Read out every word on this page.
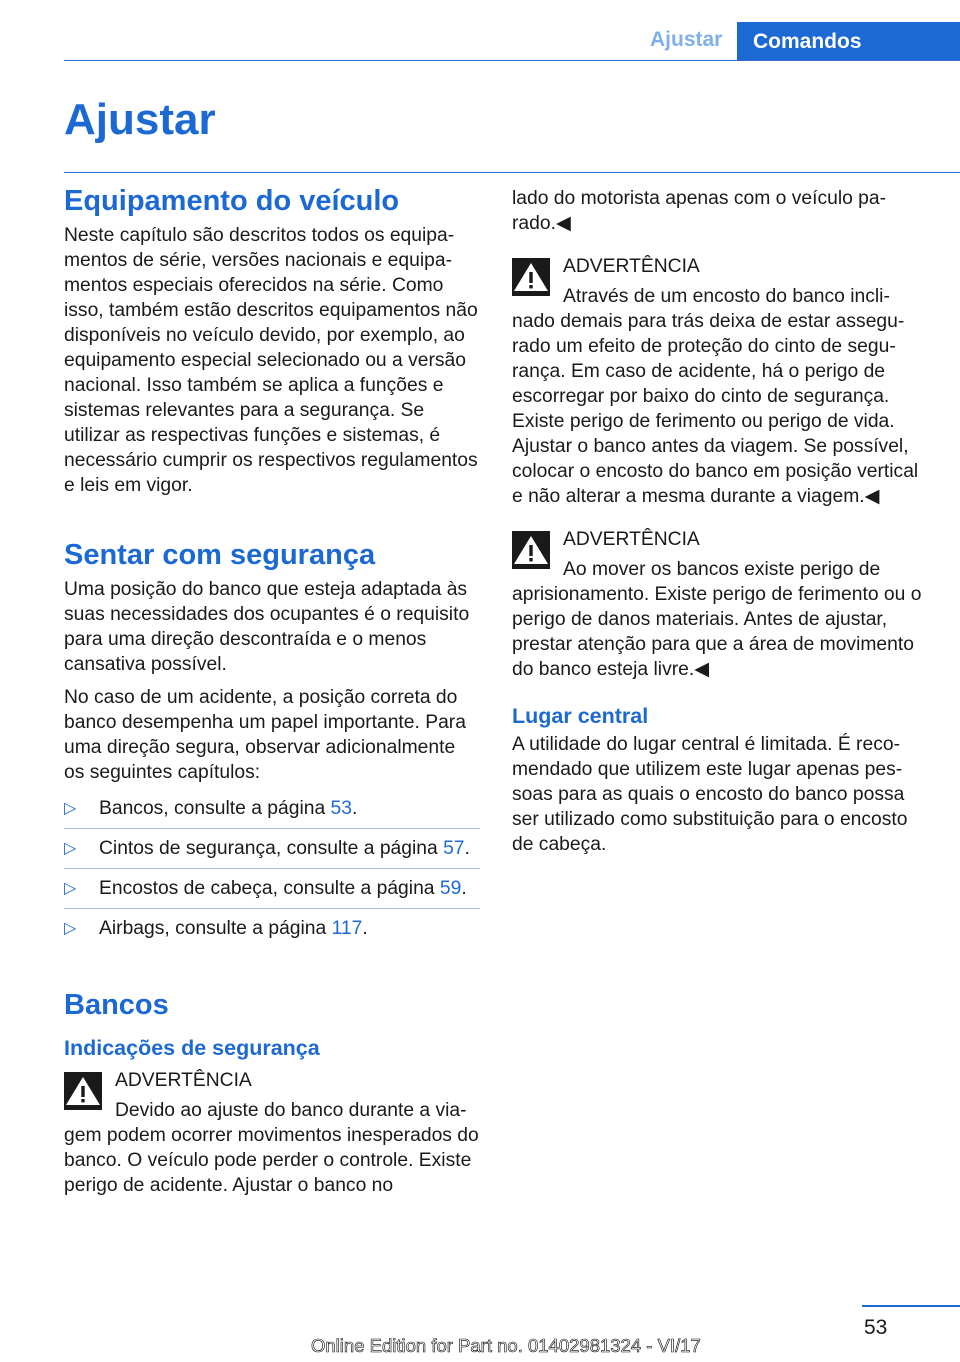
Ajustar	Comandos
Ajustar
Equipamento do veículo

Neste capítulo são descritos todos os equipamentos de série, versões nacionais e equipamentos especiais oferecidos na série. Como isso, também estão descritos equipamentos não disponíveis no veículo devido, por exemplo, ao equipamento especial selecionado ou a versão nacional. Isso também se aplica a funções e sistemas relevantes para a segurança. Se utilizar as respectivas funções e sistemas, é necessário cumprir os respectivos regulamentos e leis em vigor.

Sentar com segurança

Uma posição do banco que esteja adaptada às suas necessidades dos ocupantes é o requisito para uma direção descontraída e o menos cansativa possível.

No caso de um acidente, a posição correta do banco desempenha um papel importante. Para uma direção segura, observar adicionalmente os seguintes capítulos:

▷ Bancos, consulte a página 53.
▷ Cintos de segurança, consulte a página 57.
▷ Encostos de cabeça, consulte a página 59.
▷ Airbags, consulte a página 117.
Bancos
Indicações de segurança
ADVERTÊNCIA
Devido ao ajuste do banco durante a viagem podem ocorrer movimentos inesperados do banco. O veículo pode perder o controle. Existe perigo de acidente. Ajustar o banco no

lado do motorista apenas com o veículo parado.◀

ADVERTÊNCIA
Através de um encosto do banco inclinado demais para trás deixa de estar assegurado um efeito de proteção do cinto de segurança. Em caso de acidente, há o perigo de escorregar por baixo do cinto de segurança. Existe perigo de ferimento ou perigo de vida. Ajustar o banco antes da viagem. Se possível, colocar o encosto do banco em posição vertical e não alterar a mesma durante a viagem.◀
ADVERTÊNCIA
Ao mover os bancos existe perigo de aprisionamento. Existe perigo de ferimento ou o perigo de danos materiais. Antes de ajustar, prestar atenção para que a área de movimento do banco esteja livre.◀
Lugar central

A utilidade do lugar central é limitada. É recomendado que utilizem este lugar apenas pessoas para as quais o encosto do banco possa ser utilizado como substituição para o encosto de cabeça.

53
Online Edition for Part no. 01402981324 - VI/17
